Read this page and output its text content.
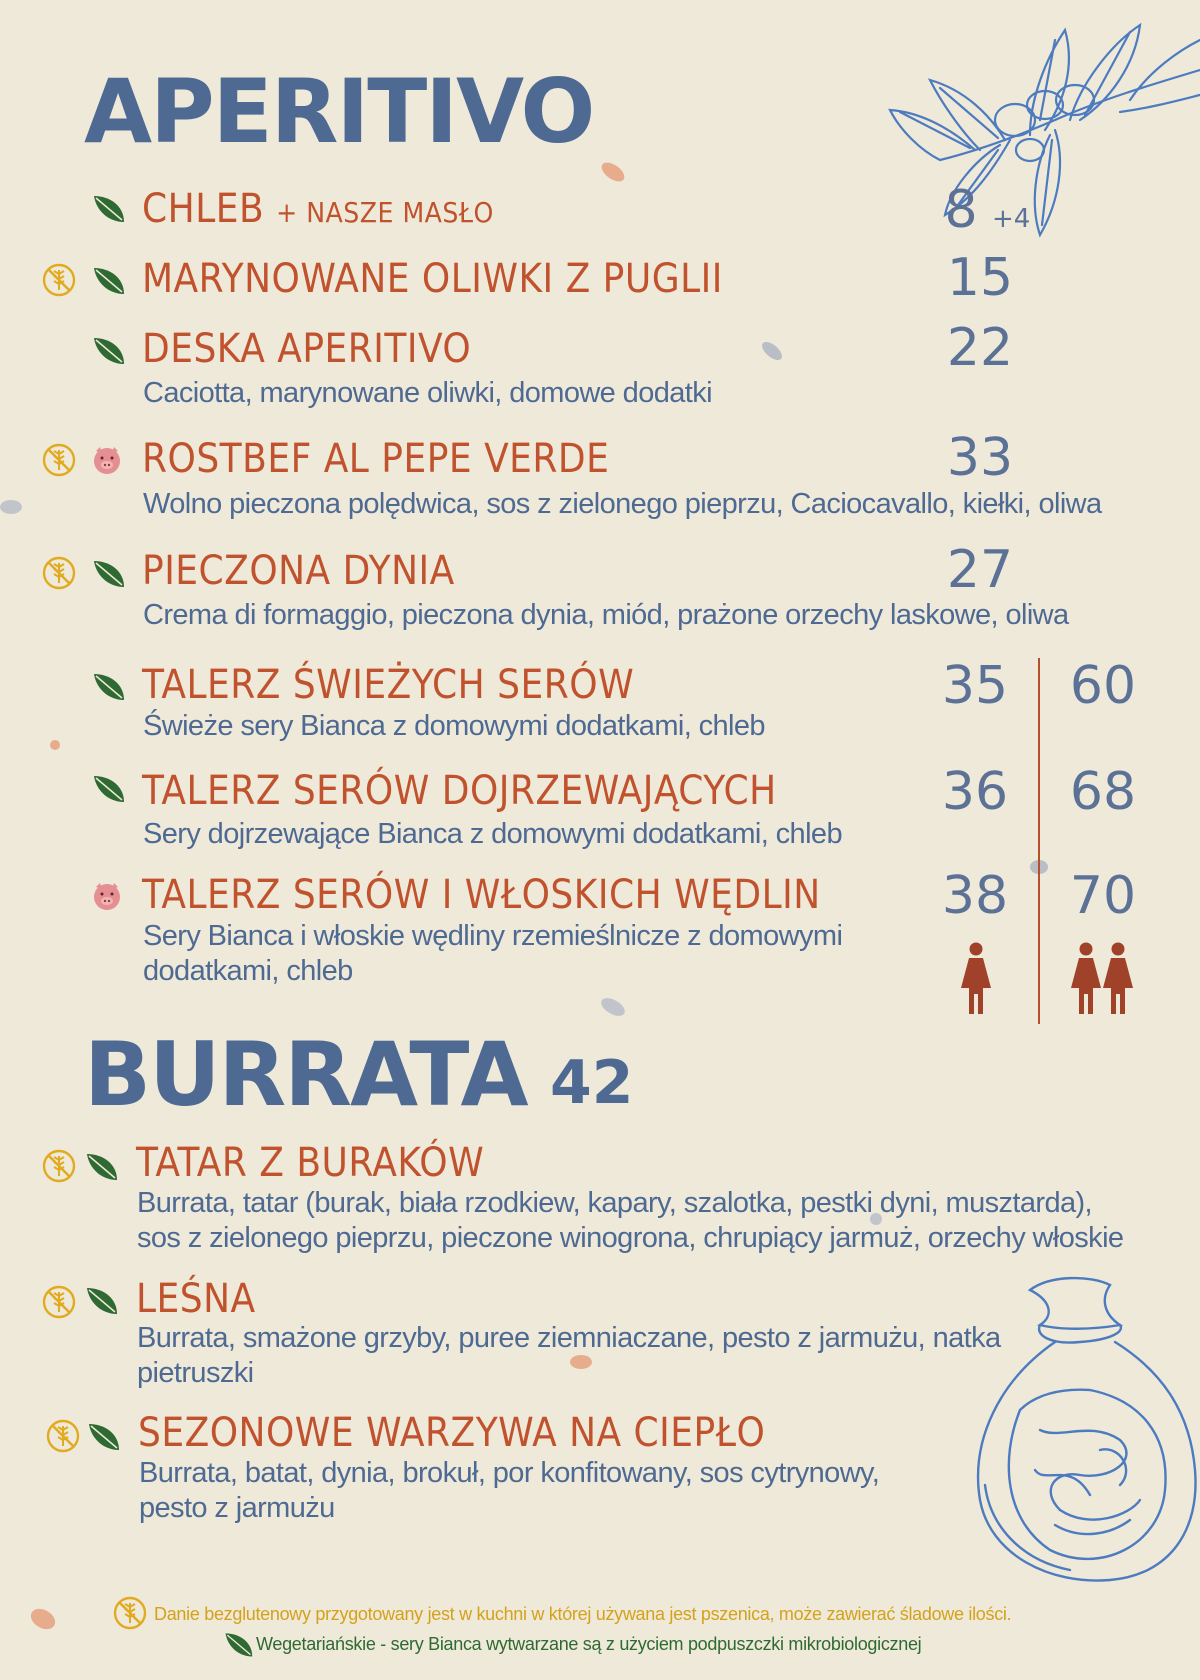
APERITIVO
CHLEB + NASZE MASŁO	8 +4
MARYNOWANE OLIWKI Z PUGLII	15
DESKA APERITIVO
Caciotta, marynowane oliwki, domowe dodatki
22
ROSTBEF AL PEPE VERDE
Wolno pieczona polędwica, sos z zielonego pieprzu, Caciocavallo, kiełki, oliwa
33
PIECZONA DYNIA
Crema di formaggio, pieczona dynia, miód, prażone orzechy laskowe, oliwa
27
TALERZ ŚWIEŻYCH SERÓW
Świeże sery Bianca z domowymi dodatkami, chleb
35 60
TALERZ SERÓW DOJRZEWAJĄCYCH
Sery dojrzewające Bianca z domowymi dodatkami, chleb
36 68
TALERZ SERÓW I WŁOSKICH WĘDLIN
Sery Bianca i włoskie wędliny rzemieślnicze z domowymi
dodatkami, chleb
38 70
BURRATA 42
TATAR Z BURAKÓW
Burrata, tatar (burak, biała rzodkiew, kapary, szalotka, pestki dyni, musztarda),
sos z zielonego pieprzu, pieczone winogrona, chrupiący jarmuż, orzechy włoskie
LEŚNA
Burrata, smażone grzyby, puree ziemniaczane, pesto z jarmużu, natka
pietruszki
SEZONOWE WARZYWA NA CIEPŁO
Burrata, batat, dynia, brokuł, por konfitowany, sos cytrynowy,
pesto z jarmużu
Danie bezglutenowy przygotowany jest w kuchni w której używana jest pszenica, może zawierać śladowe ilości.
Wegetariańskie - sery Bianca wytwarzane są z użyciem podpuszczki mikrobiologicznej
